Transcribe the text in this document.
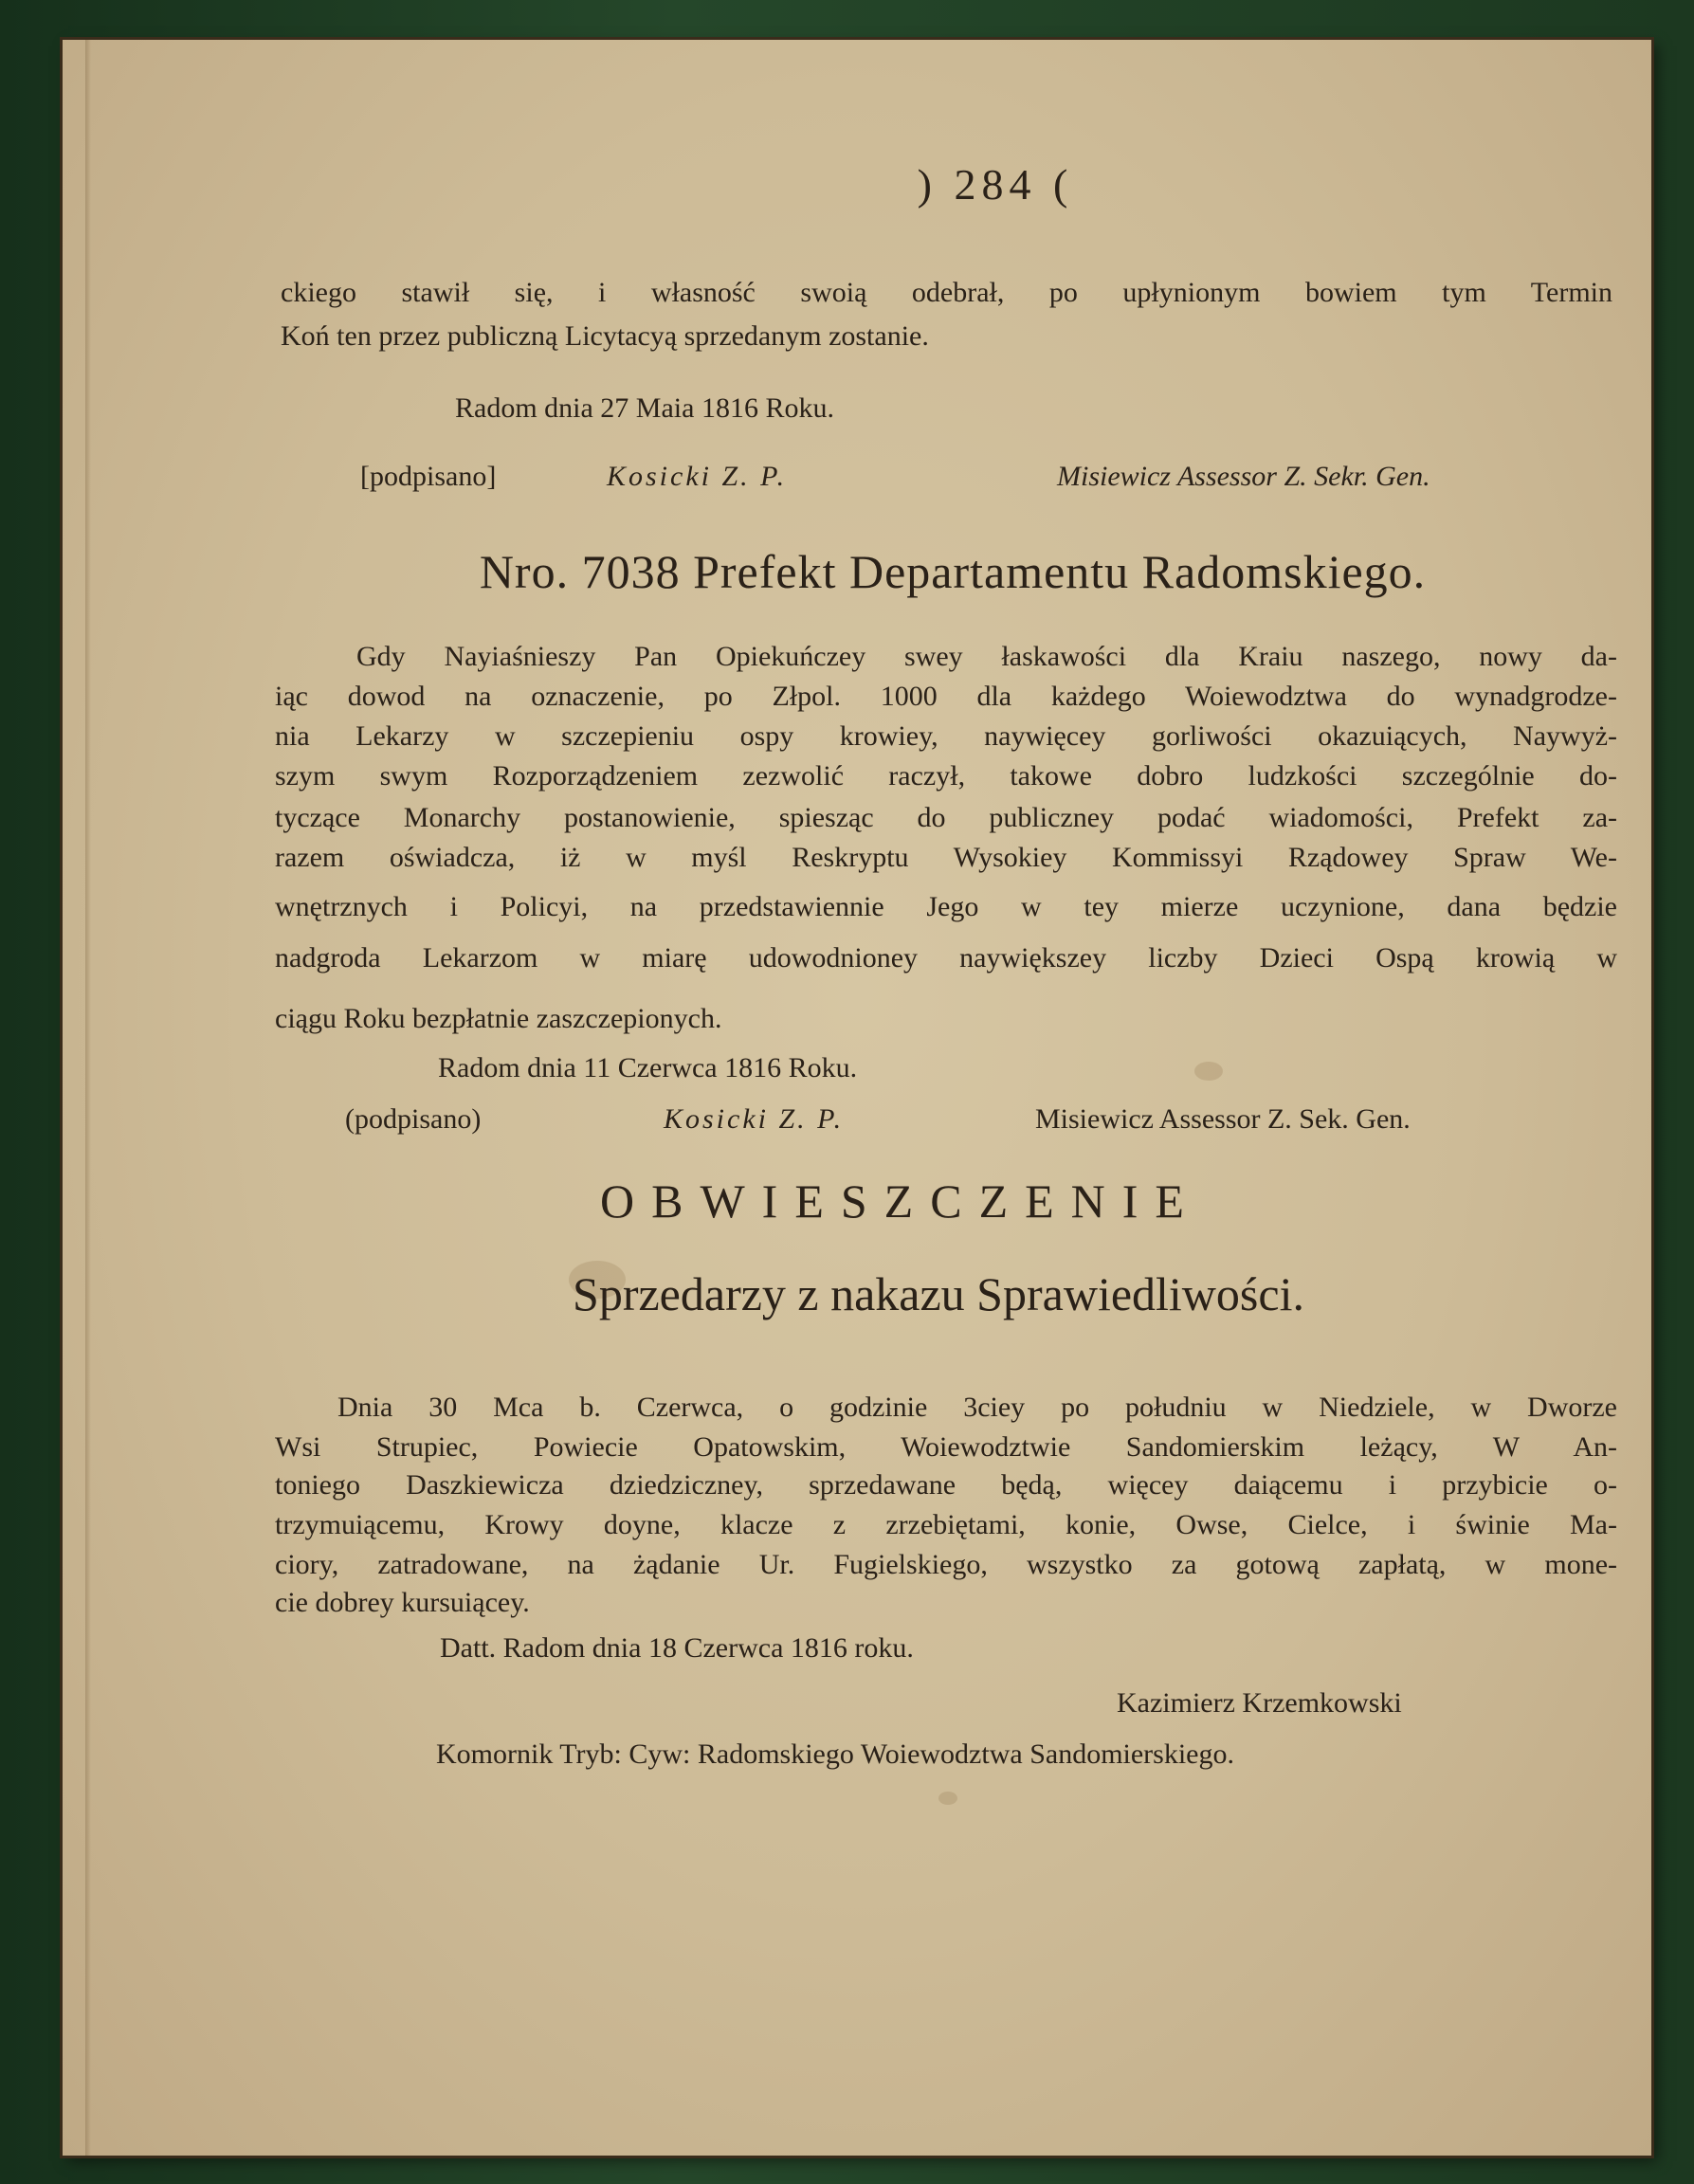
) 284 (
ckiego stawił się, i własność swoią odebrał, po upłynionym bowiem tym Termin
Koń ten przez publiczną Licytacyą sprzedanym zostanie.
Radom dnia 27 Maia 1816 Roku.
[podpisano]	Kosicki Z. P.	Misiewicz Assessor Z. Sekr. Gen.
Nro. 7038 Prefekt Departamentu Radomskiego.
Gdy Nayiaśnieszy Pan Opiekuńczey swey łaskawości dla Kraiu naszego, nowy da-
iąc dowod na oznaczenie, po Złpol. 1000 dla każdego Woiewodztwa do wynadgrodze-
nia Lekarzy w szczepieniu ospy krowiey, naywięcey gorliwości okazuiących, Naywyż-
szym swym Rozporządzeniem zezwolić raczył, takowe dobro ludzkości szczególnie do-
tyczące Monarchy postanowienie, spiesząc do publiczney podać wiadomości, Prefekt za-
razem oświadcza, iż w myśl Reskryptu Wysokiey Kommissyi Rządowey Spraw We-
wnętrznych i Policyi, na przedstawiennie Jego w tey mierze uczynione, dana będzie
nadgroda Lekarzom w miarę udowodnioney naywiększey liczby Dzieci Ospą krowią w
ciągu Roku bezpłatnie zaszczepionych.
Radom dnia 11 Czerwca 1816 Roku.
(podpisano)	Kosicki Z. P.	Misiewicz Assessor Z. Sek. Gen.
OBWIESZCZENIE
Sprzedarzy z nakazu Sprawiedliwości.
Dnia 30 Mca b. Czerwca, o godzinie 3ciey po południu w Niedziele, w Dworze
Wsi Strupiec, Powiecie Opatowskim, Woiewodztwie Sandomierskim leżący, W An-
toniego Daszkiewicza dziedziczney, sprzedawane będą, więcey daiącemu i przybicie o-
trzymuiącemu, Krowy doyne, klacze z zrzebiętami, konie, Owse, Cielce, i świnie Ma-
ciory, zatradowane, na żądanie Ur. Fugielskiego, wszystko za gotową zapłatą, w mone-
cie dobrey kursuiącey.
Datt. Radom dnia 18 Czerwca 1816 roku.
Kazimierz Krzemkowski
Komornik Tryb: Cyw: Radomskiego Woiewodztwa Sandomierskiego.
